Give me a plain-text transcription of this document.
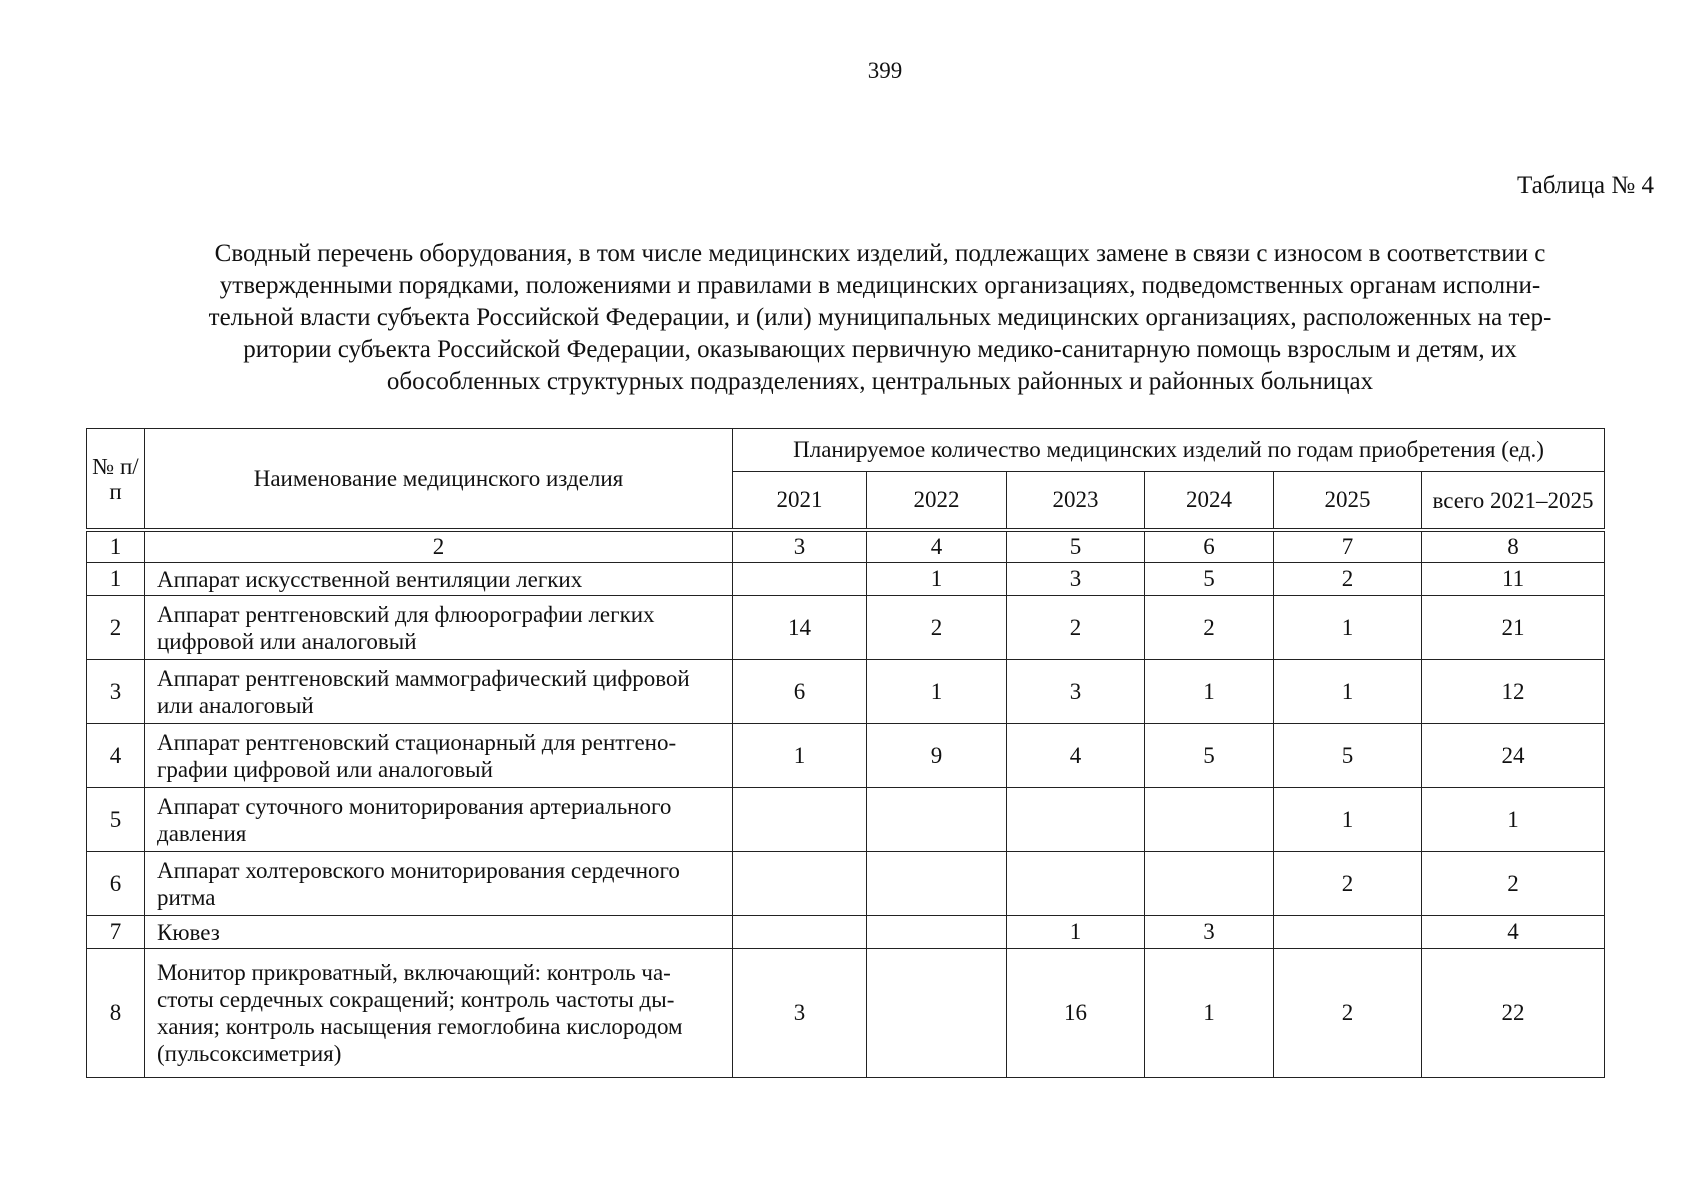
399
Таблица № 4
Сводный перечень оборудования, в том числе медицинских изделий, подлежащих замене в связи с износом в соответствии с
утвержденными порядками, положениями и правилами в медицинских организациях, подведомственных органам исполни-
тельной власти субъекта Российской Федерации, и (или) муниципальных медицинских организациях, расположенных на тер-
ритории субъекта Российской Федерации, оказывающих первичную медико-санитарную помощь взрослым и детям, их
обособленных структурных подразделениях, центральных районных и районных больницах
№ п/п	Наименование медицинского изделия	Планируемое количество медицинских изделий по годам приобретения (ед.)					
		2021	2022	2023	2024	2025	всего 2021–2025
1	2	3	4	5	6	7	8
1	Аппарат искусственной вентиляции легких		1	3	5	2	11
2	Аппарат рентгеновский для флюорографии легких цифровой или аналоговый	14	2	2	2	1	21
3	Аппарат рентгеновский маммографический цифровой или аналоговый	6	1	3	1	1	12
4	Аппарат рентгеновский стационарный для рентгено-графии цифровой или аналоговый	1	9	4	5	5	24
5	Аппарат суточного мониторирования артериального давления					1	1
6	Аппарат холтеровского мониторирования сердечного ритма					2	2
7	Кювез			1	3		4
8	Монитор прикроватный, включающий: контроль ча-стоты сердечных сокращений; контроль частоты ды-хания; контроль насыщения гемоглобина кислородом (пульсоксиметрия)	3		16	1	2	22
